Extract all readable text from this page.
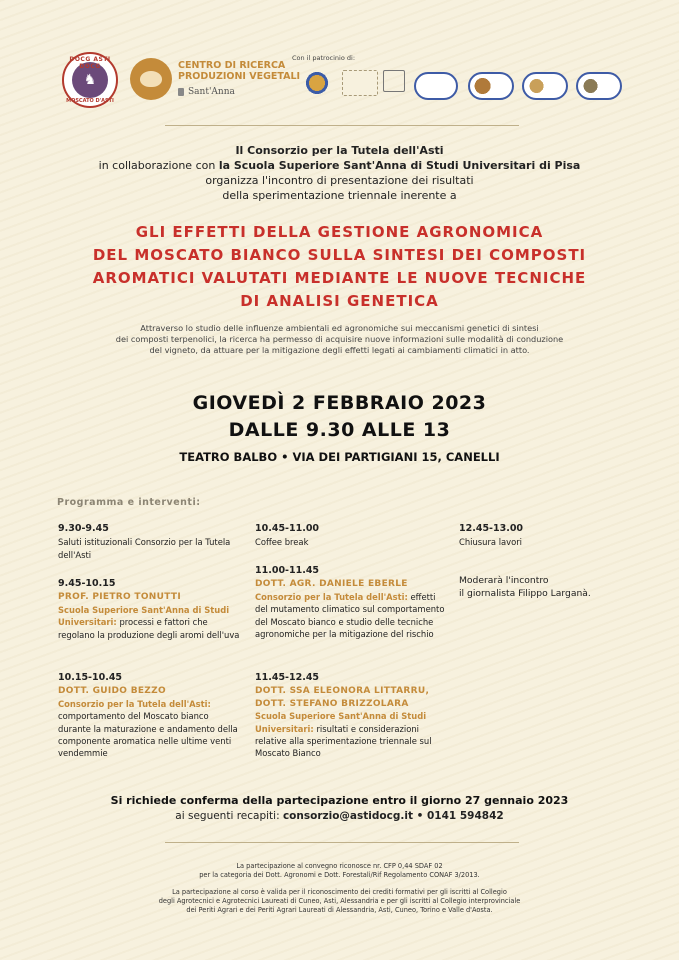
DOCG ASTI DOCG
♞
MOSCATO D'ASTI
CENTRO DI RICERCA
PRODUZIONI VEGETALI
Sant'Anna
Con il patrocinio di:
Il Consorzio per la Tutela dell'Asti
in collaborazione con la Scuola Superiore Sant'Anna di Studi Universitari di Pisa
organizza l'incontro di presentazione dei risultati
della sperimentazione triennale inerente a
GLI EFFETTI DELLA GESTIONE AGRONOMICA
DEL MOSCATO BIANCO SULLA SINTESI DEI COMPOSTI
AROMATICI VALUTATI MEDIANTE LE NUOVE TECNICHE
DI ANALISI GENETICA
Attraverso lo studio delle influenze ambientali ed agronomiche sui meccanismi genetici di sintesi
dei composti terpenolici, la ricerca ha permesso di acquisire nuove informazioni sulle modalità di conduzione
del vigneto, da attuare per la mitigazione degli effetti legati ai cambiamenti climatici in atto.
GIOVEDÌ 2 FEBBRAIO 2023
DALLE 9.30 ALLE 13
TEATRO BALBO • VIA DEI PARTIGIANI 15, CANELLI
Programma e interventi:
9.30-9.45
Saluti istituzionali Consorzio per la Tutela dell'Asti
9.45-10.15
PROF. PIETRO TONUTTI
Scuola Superiore Sant'Anna di Studi Universitari: processi e fattori che regolano la produzione degli aromi dell'uva
10.15-10.45
DOTT. GUIDO BEZZO
Consorzio per la Tutela dell'Asti: comportamento del Moscato bianco durante la maturazione e andamento della componente aromatica nelle ultime venti vendemmie
10.45-11.00
Coffee break
11.00-11.45
DOTT. AGR. DANIELE EBERLE
Consorzio per la Tutela dell'Asti: effetti del mutamento climatico sul comportamento del Moscato bianco e studio delle tecniche agronomiche per la mitigazione del rischio
11.45-12.45
DOTT. SSA ELEONORA LITTARRU, DOTT. STEFANO BRIZZOLARA
Scuola Superiore Sant'Anna di Studi Universitari: risultati e considerazioni relative alla sperimentazione triennale sul Moscato Bianco
12.45-13.00
Chiusura lavori
Moderarà l'incontro
il giornalista Filippo Larganà.
Si richiede conferma della partecipazione entro il giorno 27 gennaio 2023
ai seguenti recapiti: consorzio@astidocg.it • 0141 594842
La partecipazione al convegno riconosce nr. CFP 0,44 SDAF 02
per la categoria dei Dott. Agronomi e Dott. Forestali/Rif Regolamento CONAF 3/2013.
La partecipazione al corso è valida per il riconoscimento dei crediti formativi per gli iscritti al Collegio
degli Agrotecnici e Agrotecnici Laureati di Cuneo, Asti, Alessandria e per gli iscritti al Collegio interprovinciale
dei Periti Agrari e dei Periti Agrari Laureati di Alessandria, Asti, Cuneo, Torino e Valle d'Aosta.
